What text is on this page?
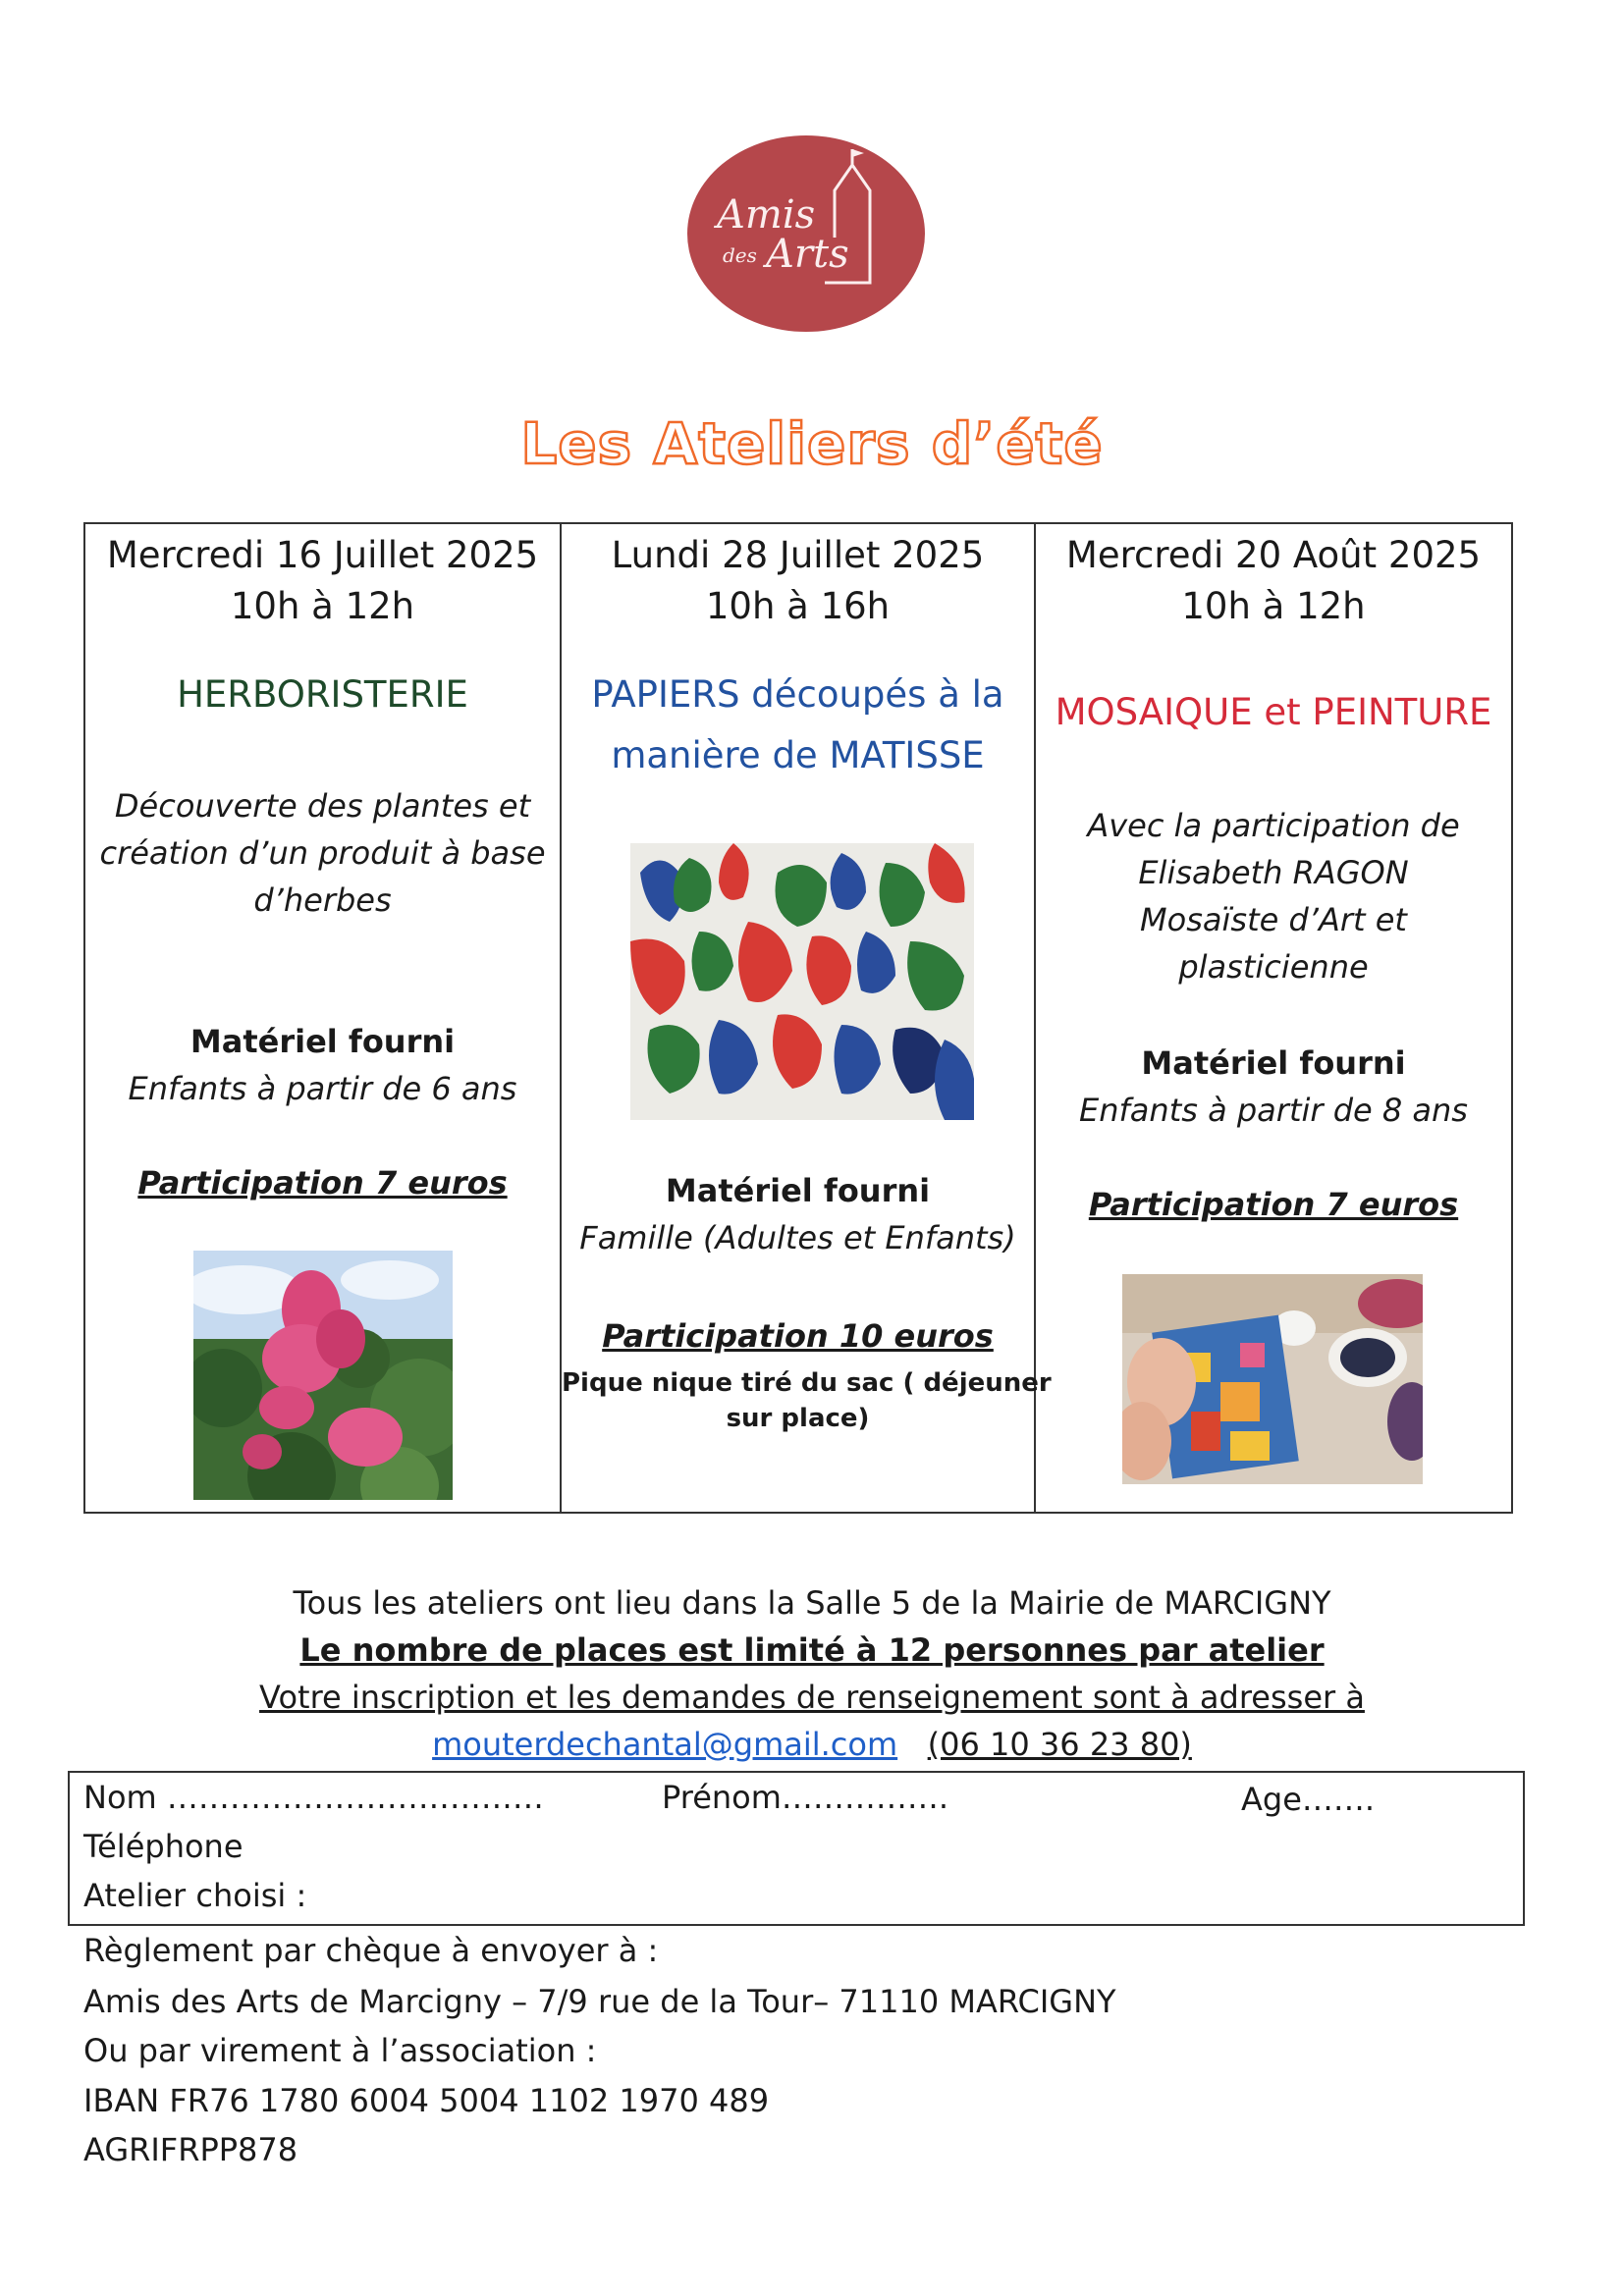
Amis
des Arts
Les Ateliers d’été
Mercredi 16 Juillet 2025
10h à 12h
HERBORISTERIE
Découverte des plantes et
création d’un produit à base
d’herbes
Matériel fourni
Enfants à partir de 6 ans
Participation 7 euros
Lundi 28 Juillet 2025
10h à 16h
PAPIERS découpés à la
manière de MATISSE
Matériel fourni
Famille (Adultes et Enfants)
Participation 10 euros
Pique nique tiré du sac ( déjeuner
sur place)
Mercredi 20 Août 2025
10h à 12h
MOSAIQUE et PEINTURE
Avec la participation de
Elisabeth RAGON
Mosaïste d’Art et
plasticienne
Matériel fourni
Enfants à partir de 8 ans
Participation 7 euros
Tous les ateliers ont lieu dans la Salle 5 de la Mairie de MARCIGNY
Le nombre de places est limité à 12 personnes par atelier
Votre inscription et les demandes de renseignement sont à adresser à
mouterdechantal@gmail.com (06 10 36 23 80)
Nom ………………………………	Prénom…………….	Age…….
Téléphone
Atelier choisi :
Règlement par chèque à envoyer à :
Amis des Arts de Marcigny – 7/9 rue de la Tour– 71110 MARCIGNY
Ou par virement à l’association :
IBAN FR76 1780 6004 5004 1102 1970 489
AGRIFRPP878
